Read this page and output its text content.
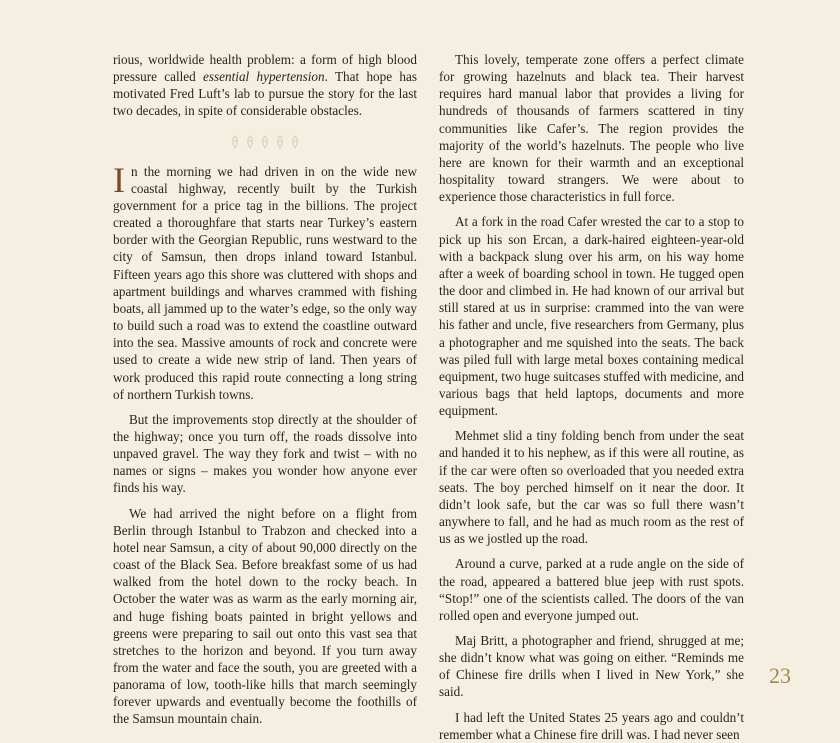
rious, worldwide health problem: a form of high blood pressure called essential hypertension. That hope has motivated Fred Luft’s lab to pursue the story for the last two decades, in spite of considerable obstacles.

In the morning we had driven in on the wide new coastal highway, recently built by the Turkish government for a price tag in the billions. The project created a thoroughfare that starts near Turkey’s eastern border with the Georgian Republic, runs westward to the city of Samsun, then drops inland toward Istanbul. Fifteen years ago this shore was cluttered with shops and apartment buildings and wharves crammed with fishing boats, all jammed up to the water’s edge, so the only way to build such a road was to extend the coastline outward into the sea. Massive amounts of rock and concrete were used to create a wide new strip of land. Then years of work produced this rapid route connecting a long string of northern Turkish towns.

But the improvements stop directly at the shoulder of the highway; once you turn off, the roads dissolve into unpaved gravel. The way they fork and twist – with no names or signs – makes you wonder how anyone ever finds his way.

We had arrived the night before on a flight from Berlin through Istanbul to Trabzon and checked into a hotel near Samsun, a city of about 90,000 directly on the coast of the Black Sea. Before breakfast some of us had walked from the hotel down to the rocky beach. In October the water was as warm as the early morning air, and huge fishing boats painted in bright yellows and greens were preparing to sail out onto this vast sea that stretches to the horizon and beyond. If you turn away from the water and face the south, you are greeted with a panorama of low, tooth-like hills that march seemingly forever upwards and eventually become the foothills of the Samsun mountain chain.

This lovely, temperate zone offers a perfect climate for growing hazelnuts and black tea. Their harvest requires hard manual labor that provides a living for hundreds of thousands of farmers scattered in tiny communities like Cafer’s. The region provides the majority of the world’s hazelnuts. The people who live here are known for their warmth and an exceptional hospitality toward strangers. We were about to experience those characteristics in full force.

At a fork in the road Cafer wrested the car to a stop to pick up his son Ercan, a dark-haired eighteen-year-old with a backpack slung over his arm, on his way home after a week of boarding school in town. He tugged open the door and climbed in. He had known of our arrival but still stared at us in surprise: crammed into the van were his father and uncle, five researchers from Germany, plus a photographer and me squished into the seats. The back was piled full with large metal boxes containing medical equipment, two huge suitcases stuffed with medicine, and various bags that held laptops, documents and more equipment.

Mehmet slid a tiny folding bench from under the seat and handed it to his nephew, as if this were all routine, as if the car were often so overloaded that you needed extra seats. The boy perched himself on it near the door. It didn’t look safe, but the car was so full there wasn’t anywhere to fall, and he had as much room as the rest of us as we jostled up the road.

Around a curve, parked at a rude angle on the side of the road, appeared a battered blue jeep with rust spots. “Stop!” one of the scientists called. The doors of the van rolled open and everyone jumped out.

Maj Britt, a photographer and friend, shrugged at me; she didn’t know what was going on either. “Reminds me of Chinese fire drills when I lived in New York,” she said.

I had left the United States 25 years ago and couldn’t remember what a Chinese fire drill was. I had never seen

23
